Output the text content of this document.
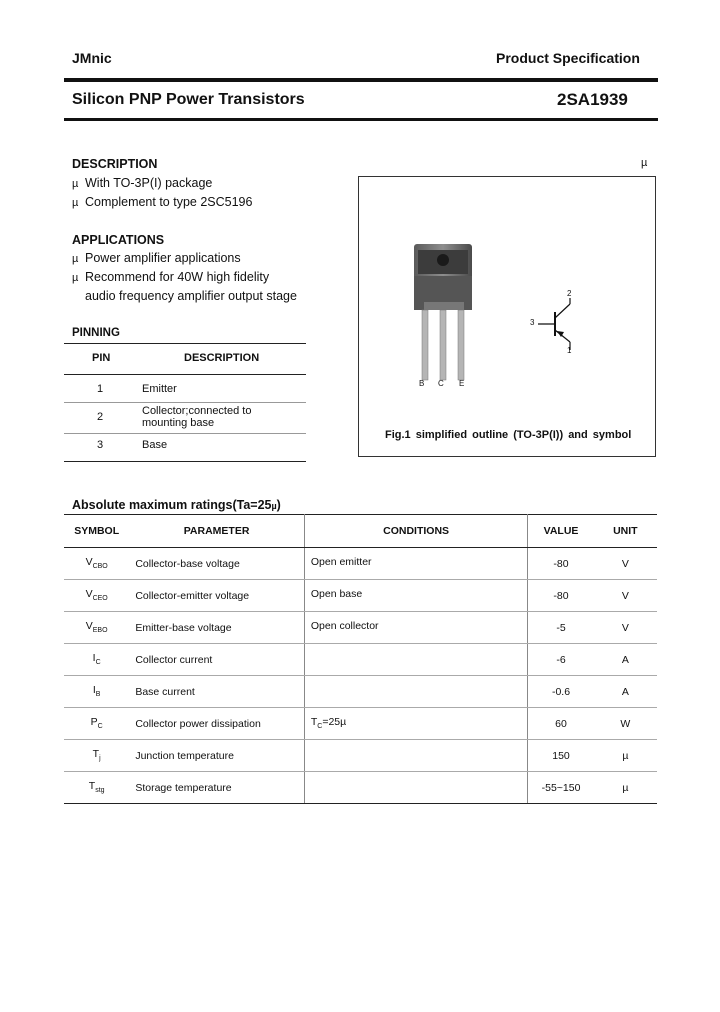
JMnic	Product Specification
Silicon PNP Power Transistors	2SA1939
DESCRIPTION
µ With TO-3P(I) package
µ Complement to type 2SC5196
APPLICATIONS
µ Power amplifier applications
µ Recommend for 40W high fidelity
audio frequency amplifier output stage
PINNING
PIN	DESCRIPTION
1	Emitter
2	Collector;connected to
mounting base
3	Base
µ
B C E
2
3
1
Fig.1 simplified outline (TO-3P(I)) and symbol
Absolute maximum ratings(Ta=25µ)
SYMBOL	PARAMETER	CONDITIONS	VALUE	UNIT
$V_{CBO}$	Collector-base voltage	Open emitter	-80	V
$V_{CEO}$	Collector-emitter voltage	Open base	-80	V
$V_{EBO}$	Emitter-base voltage	Open collector	-5	V
$I_C$	Collector current		-6	A
$I_B$	Base current		-0.6	A
$P_C$	Collector power dissipation	$T_C=25\mu$	60	W
$T_j$	Junction temperature		150	µ
$T_{stg}$	Storage temperature		-55~150	µ
